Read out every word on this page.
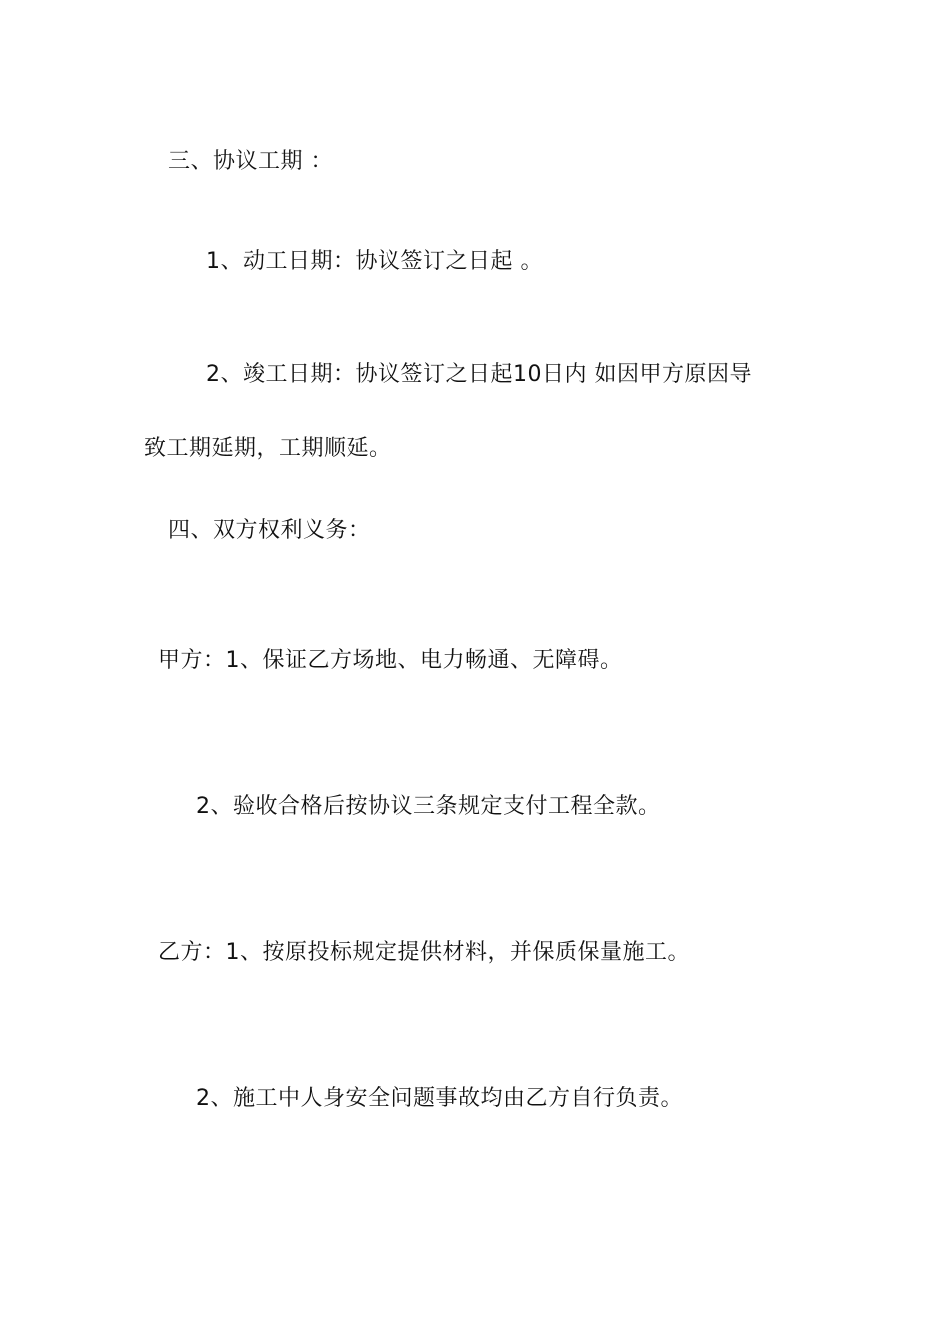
三、协议工期 ：
1、动工日期：协议签订之日起 。
2、竣工日期：协议签订之日起10日内 如因甲方原因导
致工期延期，工期顺延。
四、双方权利义务：
甲方：1、保证乙方场地、电力畅通、无障碍。
2、验收合格后按协议三条规定支付工程全款。
乙方：1、按原投标规定提供材料，并保质保量施工。
2、施工中人身安全问题事故均由乙方自行负责。
